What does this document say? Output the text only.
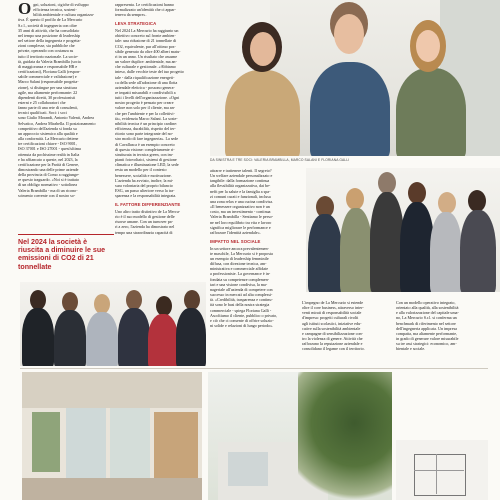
O gni, soluzioni, cigiche di sviluppo
efficienza tecnica, sosteni-
bilità ambientale e cultura organizza-
tiva. È questo il profilo de La Mercurio
S.r.l., società di ingegneria con oltre
35 anni di attività, che ha consolidato
nel tempo una posizione di leadership
nel settore della ingegneria e progetta-
zioni complesse, sia pubbliche che
private, operando con costanza su
tutto il territorio nazionale. La socie-
tà, guidata da Valeria Brambilla (socia
di maggioranza e responsabile HR e
certificazioni), Floriana Galli (respon-
sabile commerciale e validazione) e
Marco Salani (responsabile progetta-
zione), si distingue per una struttura
agile, ma altamente performante: 22
dipendenti diretti, 30 professionisti
esterni e 25 collaboratori che
fanno parte di una rete di consulenti,
tecnici qualificati. Soci: i soci
sono Giulio Morandi, Antonio Valenti, Andrea
Selvatico, Andrea Mirabella. Il posizionamento
competitivo dell'azienda si fonda su
un approccio sistemico alla qualità e
alla conformità. La Mercurio detiene
tre certificazioni chiave - ISO 9001,
ISO 37001 e ISO 27001 - quest'ultima
ottenuta da pochissime realtà in Italia
e ha affiancato a queste, nel 2023, la
certificazione per la Parità di Genere,
dimostrando una delle prime aziende
della provincia di Como a raggiunge-
re questo traguardo. «Noi si è trattato
di un obbligo normativo - sottolinea
Valeria Brambilla - ma di un ricono-
scimento coerente con il nostro so-

Nel 2024 la società è riuscita a diminuire le sue emissioni di CO2 di 21 tonnellate

rappresenta. Le certificazioni hanno
formalizzato un'identità che ci appar-
teneva da sempre».

LEVA STRATEGICA

Nel 2024 La Mercurio ha raggiunto un
obiettivo concreto sul fronte ambien-
tale: una riduzione di 21 tonnellate di
CO2, equivalente, pur all'ottimo pos-
sibile generato da oltre 400 alberi matu-
ri in un anno. Un risultato che assume
un valore duplice: ambientale, ma an-
che culturale e gestionale. «Abbiamo
inteso, dalle vecchie teste del tuo progetto
tale - dalla riqualificazione energeti-
ca della sede all'adozione di una flotta
aziendale elettrica - possono genera-
re impatti misurabili e condivisibili a
tutti i livelli dell'organizzazione. «Ogni
nostro progetto è pensato per creare
valore non solo per il cliente, ma an-
che per l'ambiente e per la collettivi-
tà», evidenzia Marco Salani. La soste-
nibilità tecnica è un principio cardine:
efficienza, durabilità, rispetto del ter-
ritorio sono parte integrante del no-
stro modo di fare ingegneria». La sede
di Cavallasca è un esempio concreto
di questa visione: completamente ri-
strutturata in tecnica green, con im-
pianti fotovoltaici, sistemi di gestione
climatica e illuminazione LED, la sede
resta un modello per il contesto
benessere, socialità e motivazione.
L'azienda ha avviato, inoltre, la mi-
sura volontaria del proprio bilancio
ESG, un passo ulteriore verso la tra-
sparenza e la responsabilità integrata.

IL FATTORE DIFFERENZIANTE

Uno altro tratto distintivo de La Mercu-
rio è il suo modello di gestione delle
risorse umane. Con un turnover pa-
ri a zero, l'azienda ha dimostrato nel
tempo una straordinaria capacità di

DA SINISTRA E TRE SOCI: VALERIA BRAMBILLA, MARCO SALANI E FLORIANA GALLI

attrarre e trattenere talenti. Il segreto?
Un welfare aziendale personalizzato e
tangibile: dalla formazione continua
alla flessibilità organizzativa, dai be-
nefit per la salute e la famiglia a spa-
zi comuni curati e funzionali, inclusa
una zona relax e una cucina condivisa.
«Il benessere organizzativo non è un
costo, ma un investimento - continua
Valeria Brambilla - Sentiamo le perso-
ne nel loro equilibrio tra vita e lavoro
significa migliorare le performance e
rafforzare l'identità aziendale».

IMPATTO NEL SOCIALE

In un settore ancora prevalentemen-
te maschile, La Mercurio si è proposta
un esempio di leadership femminile
diffusa, con direzione tecnica, am-
ministrativa e commerciale affidate
a professioniste. La governance è in-
fondata su competenze complemen-
tari e una visione condivisa, la ma-
nageriale all'azienda di competere con
successo in mercati ad alta complessi-
tà. «Credibilità, trasparenza e continu-
ità sono le basi della nostra strategia
commerciale - spiega Floriana Galli -
Ascoltiamo il cliente, pubblico o privato,
e ciò che ci consente di offrire soluzio-
ni solide e relazioni di lungo periodo».

L'impegno de La Mercurio si estende
oltre il core business, attraverso inter-
venti mirati di responsabilità sociale
d'impresa: progetti culturali rivolti
agli istituti scolastici, iniziative edu-
cative sulla sostenibilità ambientale
e campagne di sensibilizzazione con-
tro la violenza di genere. Attività che
rafforzano la reputazione aziendale e
consolidano il legame con il territorio.

Con un modello operativo integrato,
orientato alla qualità, alla sostenibilità
e alla valorizzazione del capitale uma-
no, La Mercurio S.r.l. si conferma un
benchmark di riferimento nel settore
dell'ingegneria applicata. Un impresa
compatta, ma altamente performante,
in grado di generare valore misurabile
su tre assi strategici: economico, am-
bientale e sociale.
